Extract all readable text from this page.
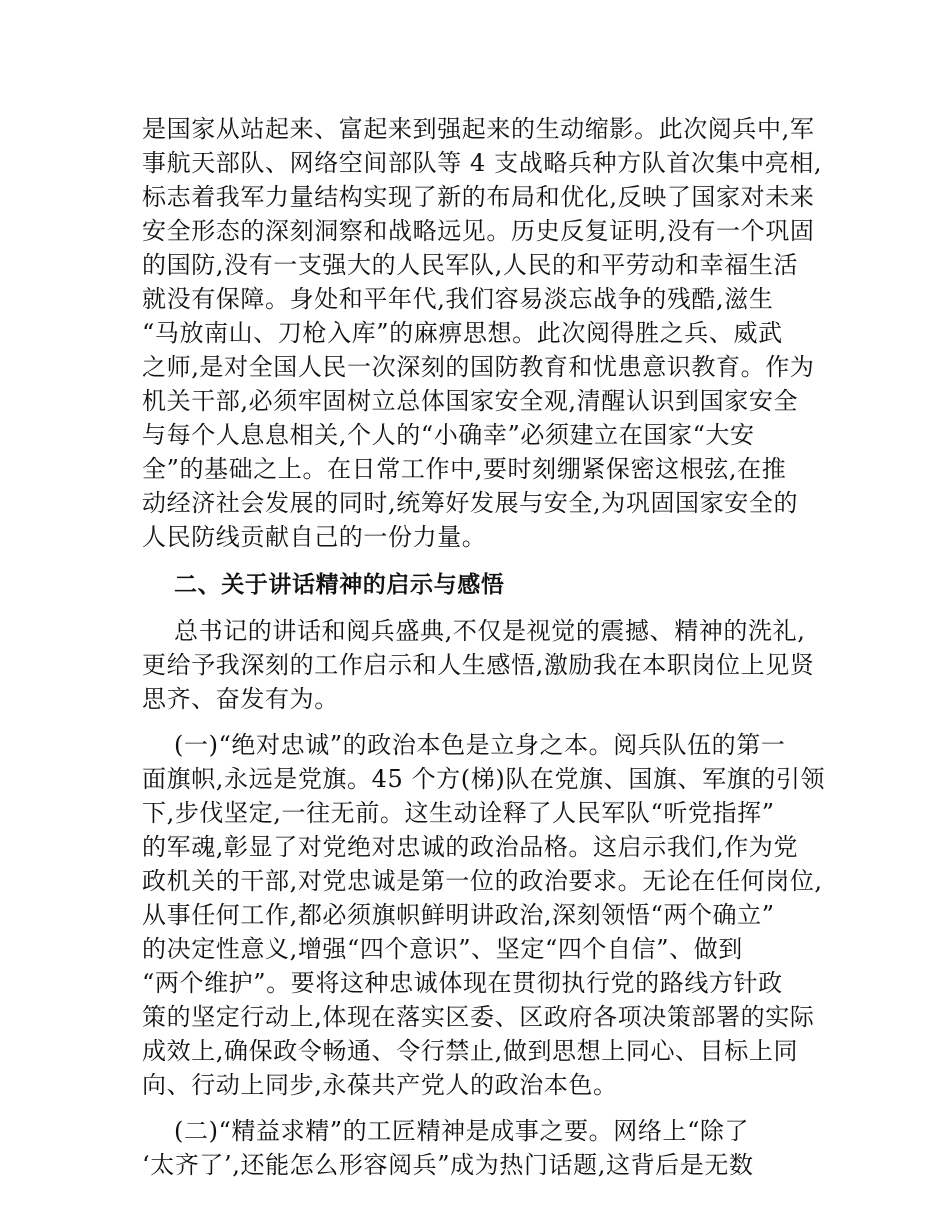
是国家从站起来、富起来到强起来的生动缩影。此次阅兵中,军
事航天部队、网络空间部队等 4 支战略兵种方队首次集中亮相,
标志着我军力量结构实现了新的布局和优化,反映了国家对未来
安全形态的深刻洞察和战略远见。历史反复证明,没有一个巩固
的国防,没有一支强大的人民军队,人民的和平劳动和幸福生活
就没有保障。身处和平年代,我们容易淡忘战争的残酷,滋生
“马放南山、刀枪入库”的麻痹思想。此次阅得胜之兵、威武
之师,是对全国人民一次深刻的国防教育和忧患意识教育。作为
机关干部,必须牢固树立总体国家安全观,清醒认识到国家安全
与每个人息息相关,个人的“小确幸”必须建立在国家“大安
全”的基础之上。在日常工作中,要时刻绷紧保密这根弦,在推
动经济社会发展的同时,统筹好发展与安全,为巩固国家安全的
人民防线贡献自己的一份力量。
二、关于讲话精神的启示与感悟
总书记的讲话和阅兵盛典,不仅是视觉的震撼、精神的洗礼,
更给予我深刻的工作启示和人生感悟,激励我在本职岗位上见贤
思齐、奋发有为。
(一)“绝对忠诚”的政治本色是立身之本。阅兵队伍的第一
面旗帜,永远是党旗。45 个方(梯)队在党旗、国旗、军旗的引领
下,步伐坚定,一往无前。这生动诠释了人民军队“听党指挥”
的军魂,彰显了对党绝对忠诚的政治品格。这启示我们,作为党
政机关的干部,对党忠诚是第一位的政治要求。无论在任何岗位,
从事任何工作,都必须旗帜鲜明讲政治,深刻领悟“两个确立”
的决定性意义,增强“四个意识”、坚定“四个自信”、做到
“两个维护”。要将这种忠诚体现在贯彻执行党的路线方针政
策的坚定行动上,体现在落实区委、区政府各项决策部署的实际
成效上,确保政令畅通、令行禁止,做到思想上同心、目标上同
向、行动上同步,永葆共产党人的政治本色。
(二)“精益求精”的工匠精神是成事之要。网络上“除了
‘太齐了’,还能怎么形容阅兵”成为热门话题,这背后是无数
